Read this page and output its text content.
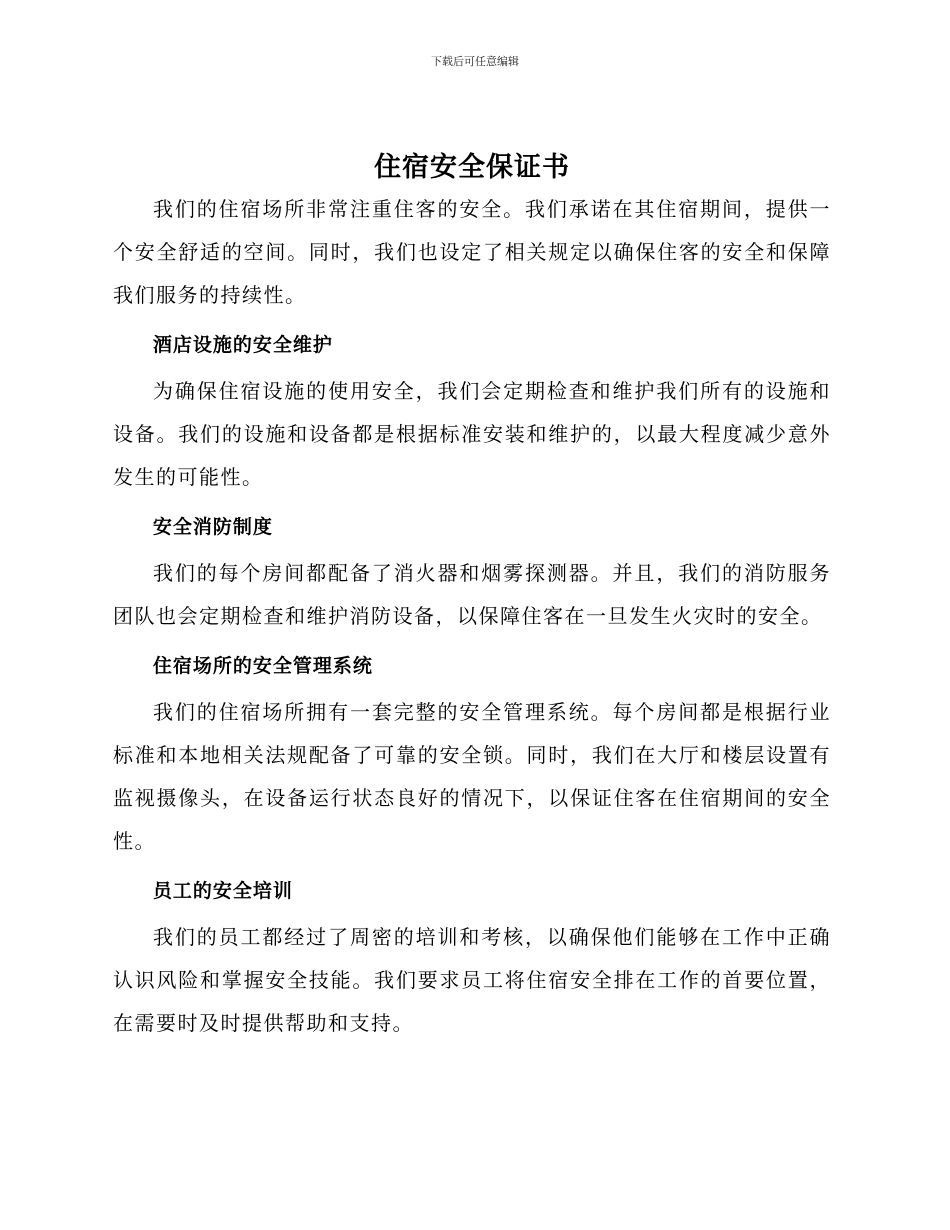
下载后可任意编辑
住宿安全保证书

我们的住宿场所非常注重住客的安全。我们承诺在其住宿期间，提供一个安全舒适的空间。同时，我们也设定了相关规定以确保住客的安全和保障我们服务的持续性。

酒店设施的安全维护

为确保住宿设施的使用安全，我们会定期检查和维护我们所有的设施和设备。我们的设施和设备都是根据标准安装和维护的，以最大程度减少意外发生的可能性。

安全消防制度

我们的每个房间都配备了消火器和烟雾探测器。并且，我们的消防服务团队也会定期检查和维护消防设备，以保障住客在一旦发生火灾时的安全。

住宿场所的安全管理系统

我们的住宿场所拥有一套完整的安全管理系统。每个房间都是根据行业标准和本地相关法规配备了可靠的安全锁。同时，我们在大厅和楼层设置有监视摄像头，在设备运行状态良好的情况下，以保证住客在住宿期间的安全性。

员工的安全培训

我们的员工都经过了周密的培训和考核，以确保他们能够在工作中正确认识风险和掌握安全技能。我们要求员工将住宿安全排在工作的首要位置，在需要时及时提供帮助和支持。
